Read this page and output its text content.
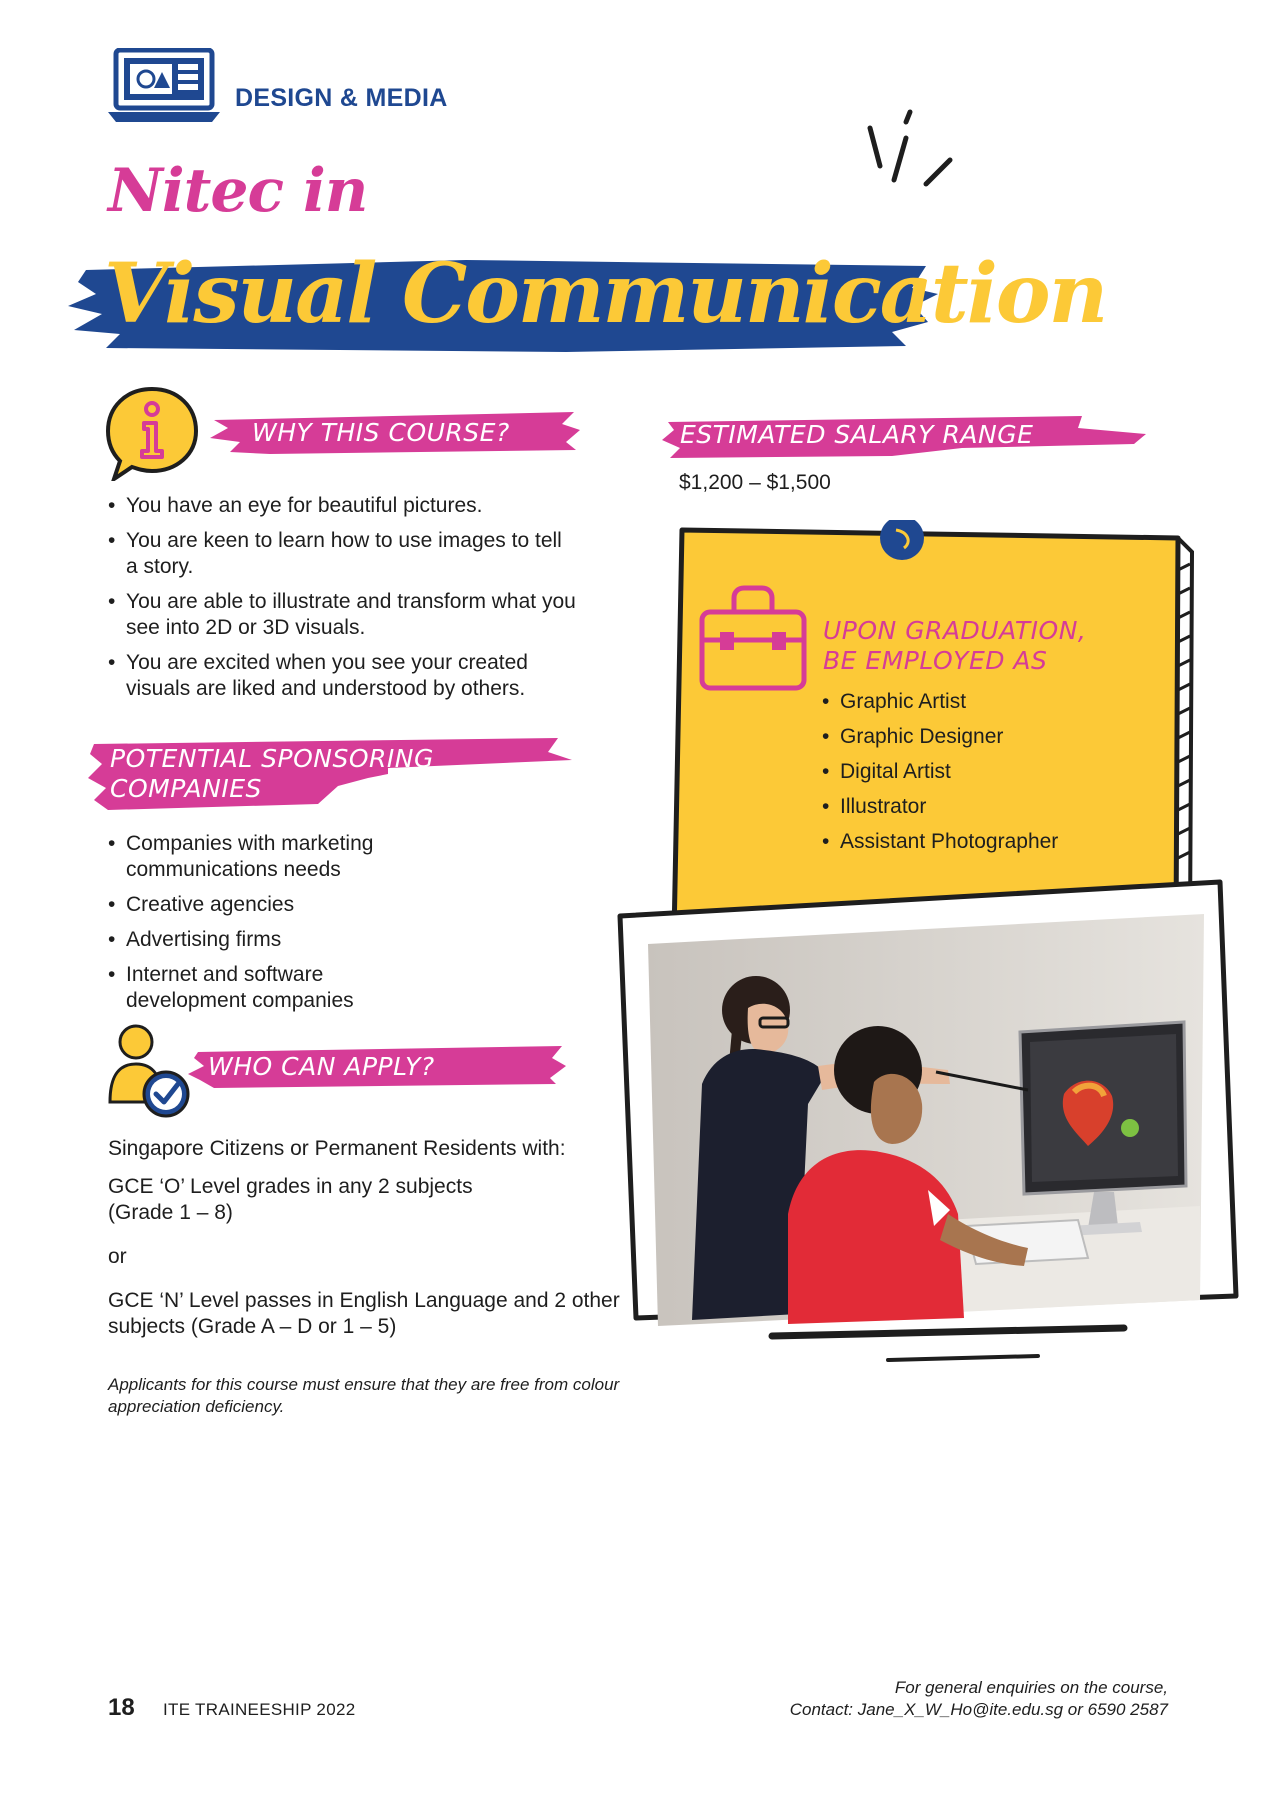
DESIGN & MEDIA
Nitec in
Visual Communication
WHY THIS COURSE?
• You have an eye for beautiful pictures.
• You are keen to learn how to use images to tell a story.
• You are able to illustrate and transform what you see into 2D or 3D visuals.
• You are excited when you see your created visuals are liked and understood by others.
POTENTIAL SPONSORING
COMPANIES
• Companies with marketing communications needs
• Creative agencies
• Advertising firms
• Internet and software development companies
WHO CAN APPLY?
Singapore Citizens or Permanent Residents with:
GCE ‘O’ Level grades in any 2 subjects (Grade 1 – 8)
or
GCE ‘N’ Level passes in English Language and 2 other subjects (Grade A – D or 1 – 5)
Applicants for this course must ensure that they are free from colour appreciation deficiency.
ESTIMATED SALARY RANGE
$1,200 – $1,500
UPON GRADUATION,
BE EMPLOYED AS
• Graphic Artist
• Graphic Designer
• Digital Artist
• Illustrator
• Assistant Photographer
18 ITE TRAINEESHIP 2022
For general enquiries on the course,
Contact: Jane_X_W_Ho@ite.edu.sg or 6590 2587
